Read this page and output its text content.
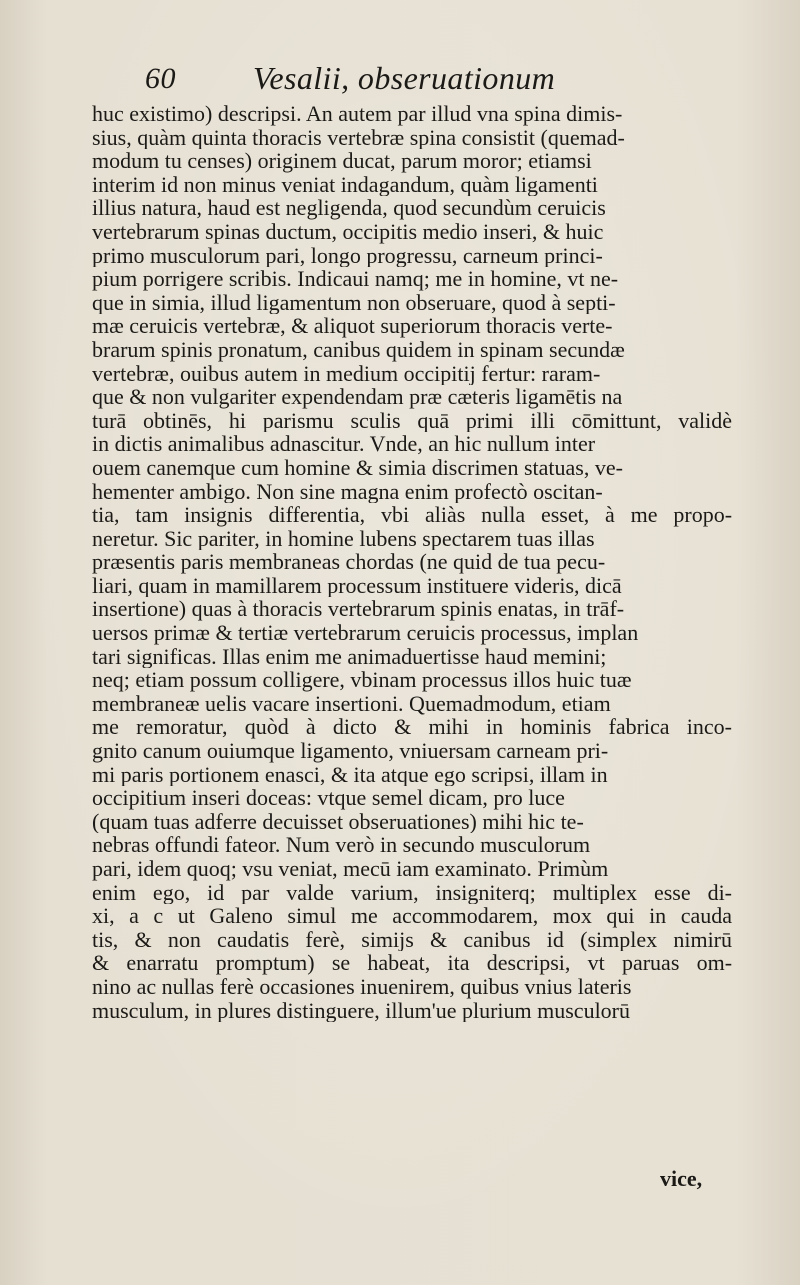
60 Vesalii, obseruationum
huc existimo) descripsi. An autem par illud vna spina dimis-
sius, quàm quinta thoracis vertebræ spina consistit (quemad-
modum tu censes) originem ducat, parum moror; etiamsi
interim id non minus veniat indagandum, quàm ligamenti
illius natura, haud est negligenda, quod secundùm ceruicis
vertebrarum spinas ductum, occipitis medio inseri, & huic
primo musculorum pari, longo progressu, carneum princi-
pium porrigere scribis. Indicaui namq; me in homine, vt ne-
que in simia, illud ligamentum non obseruare, quod à septi-
mæ ceruicis vertebræ, & aliquot superiorum thoracis verte-
brarum spinis pronatum, canibus quidem in spinam secundæ
vertebræ, ouibus autem in medium occipitij fertur: raram-
que & non vulgariter expendendam præ cæteris ligamētis na
turā obtinēs, hi parismu sculis quā primi illi cōmittunt, validè
in dictis animalibus adnascitur. Vnde, an hic nullum inter
ouem canemque cum homine & simia discrimen statuas, ve-
hementer ambigo. Non sine magna enim profectò oscitan-
tia, tam insignis differentia, vbi aliàs nulla esset, à me propo-
neretur. Sic pariter, in homine lubens spectarem tuas illas
præsentis paris membraneas chordas (ne quid de tua pecu-
liari, quam in mamillarem processum instituere videris, dicā
insertione) quas à thoracis vertebrarum spinis enatas, in trāf-
uersos primæ & tertiæ vertebrarum ceruicis processus, implan
tari significas. Illas enim me animaduertisse haud memini;
neq; etiam possum colligere, vbinam processus illos huic tuæ
membraneæ uelis vacare insertioni. Quemadmodum, etiam
me remoratur, quòd à dicto & mihi in hominis fabrica inco-
gnito canum ouiumque ligamento, vniuersam carneam pri-
mi paris portionem enasci, & ita atque ego scripsi, illam in
occipitium inseri doceas: vtque semel dicam, pro luce
(quam tuas adferre decuisset obseruationes) mihi hic te-
nebras offundi fateor. Num verò in secundo musculorum
pari, idem quoq; vsu veniat, mecū iam examinato. Primùm
enim ego, id par valde varium, insigniterq; multiplex esse di-
xi, a c ut Galeno simul me accommodarem, mox qui in cauda
tis, & non caudatis ferè, simijs & canibus id (simplex nimirū
& enarratu promptum) se habeat, ita descripsi, vt paruas om-
nino ac nullas ferè occasiones inuenirem, quibus vnius lateris
musculum, in plures distinguere, illum'ue plurium musculorū
vice,
